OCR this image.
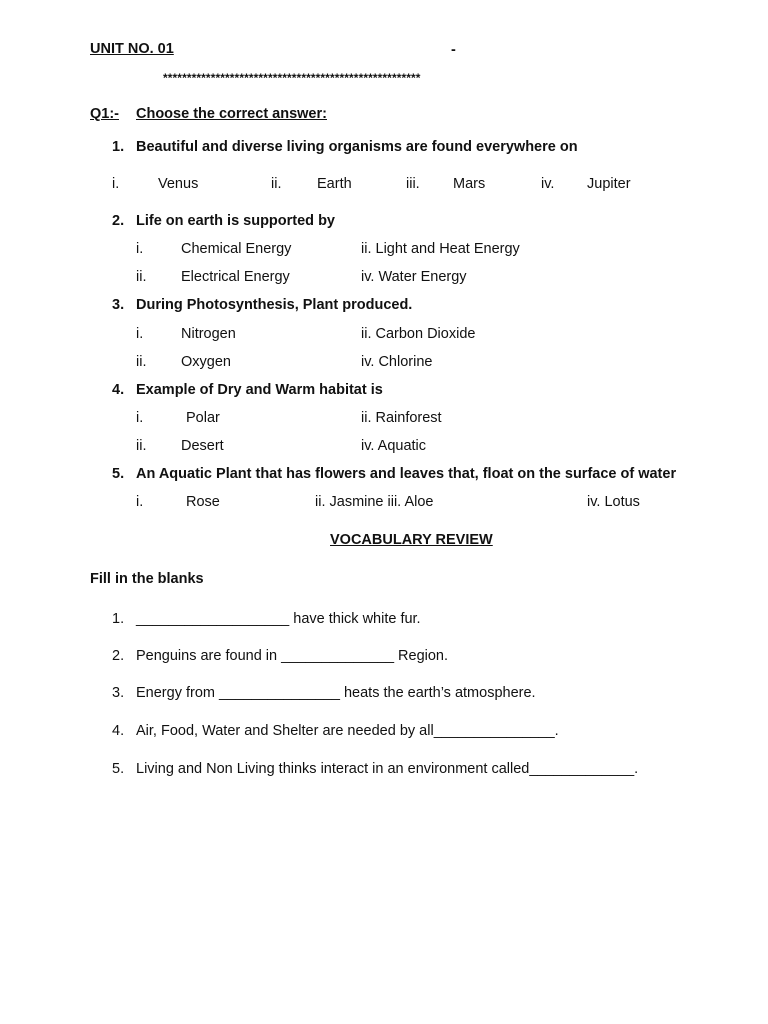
UNIT NO. 01	-
******************************************************
Q1:- Choose the correct answer:
1. Beautiful and diverse living organisms are found everywhere on
i.	Venus	ii. Earth	iii. Mars	iv. Jupiter
2. Life on earth is supported by
i.	Chemical Energy	ii. Light and Heat Energy
ii. Electrical Energy	iv. Water Energy
3. During Photosynthesis, Plant produced.
i.	Nitrogen	ii. Carbon Dioxide
ii. Oxygen	iv. Chlorine
4. Example of Dry and Warm habitat is
i.	Polar	ii. Rainforest
ii. Desert	iv. Aquatic
5. An Aquatic Plant that has flowers and leaves that, float on the surface of water
i.	Rose	ii. Jasmine iii. Aloe	iv. Lotus
VOCABULARY REVIEW
Fill in the blanks
1. ___________________ have thick white fur.
2. Penguins are found in ______________ Region.
3. Energy from _______________ heats the earth’s atmosphere.
4. Air, Food, Water and Shelter are needed by all_______________.
5. Living and Non Living thinks interact in an environment called_____________.
